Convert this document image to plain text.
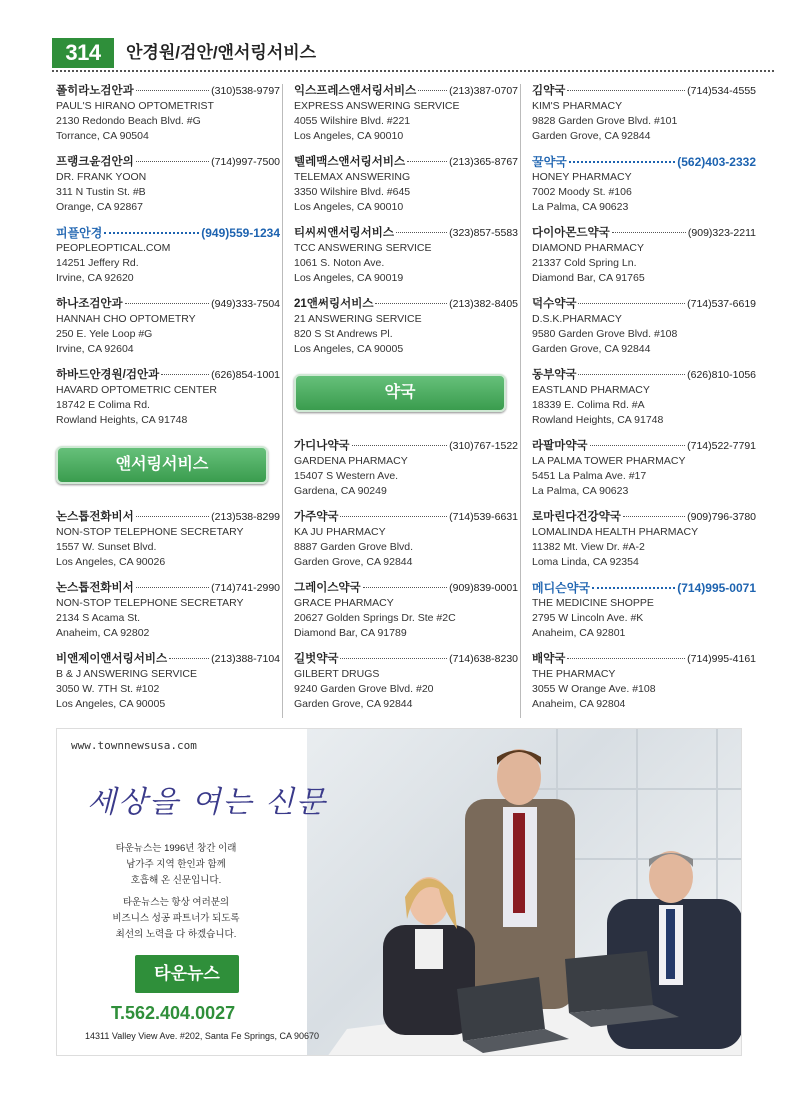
314	안경원/검안/앤서링서비스
폴히라노검안과	(310)538-9797
PAUL'S HIRANO OPTOMETRIST
2130 Redondo Beach Blvd. #G
Torrance, CA 90504
프랭크윤검안의	(714)997-7500
DR. FRANK YOON
311 N Tustin St. #B
Orange, CA 92867
피플안경	(949)559-1234
PEOPLEOPTICAL.COM
14251 Jeffery Rd.
Irvine, CA 92620
하나조검안과	(949)333-7504
HANNAH CHO OPTOMETRY
250 E. Yele Loop #G
Irvine, CA 92604
하바드안경원/검안과	(626)854-1001
HAVARD OPTOMETRIC CENTER
18742 E Colima Rd.
Rowland Heights, CA 91748
앤서링서비스
논스톱전화비서	(213)538-8299
NON-STOP TELEPHONE SECRETARY
1557 W. Sunset Blvd.
Los Angeles, CA 90026
논스톱전화비서	(714)741-2990
NON-STOP TELEPHONE SECRETARY
2134 S Acama St.
Anaheim, CA 92802
비앤제이앤서링서비스	(213)388-7104
B & J ANSWERING SERVICE
3050 W. 7TH St. #102
Los Angeles, CA 90005
익스프레스앤서링서비스	(213)387-0707
EXPRESS ANSWERING SERVICE
4055 Wilshire Blvd. #221
Los Angeles, CA 90010
텔레맥스앤서링서비스	(213)365-8767
TELEMAX ANSWERING
3350 Wilshire Blvd. #645
Los Angeles, CA 90010
티씨씨앤서링서비스	(323)857-5583
TCC ANSWERING SERVICE
1061 S. Noton Ave.
Los Angeles, CA 90019
21앤써링서비스	(213)382-8405
21 ANSWERING SERVICE
820 S St Andrews Pl.
Los Angeles, CA 90005
약국
가디나약국	(310)767-1522
GARDENA PHARMACY
15407 S Western Ave.
Gardena, CA 90249
가주약국	(714)539-6631
KA JU PHARMACY
8887 Garden Grove Blvd.
Garden Grove, CA 92844
그레이스약국	(909)839-0001
GRACE PHARMACY
20627 Golden Springs Dr. Ste #2C
Diamond Bar, CA 91789
길벗약국	(714)638-8230
GILBERT DRUGS
9240 Garden Grove Blvd. #20
Garden Grove, CA 92844
김약국	(714)534-4555
KIM'S PHARMACY
9828 Garden Grove Blvd. #101
Garden Grove, CA 92844
꿀약국	(562)403-2332
HONEY PHARMACY
7002 Moody St. #106
La Palma, CA 90623
다이아몬드약국	(909)323-2211
DIAMOND PHARMACY
21337 Cold Spring Ln.
Diamond Bar, CA 91765
덕수약국	(714)537-6619
D.S.K.PHARMACY
9580 Garden Grove Blvd. #108
Garden Grove, CA 92844
동부약국	(626)810-1056
EASTLAND PHARMACY
18339 E. Colima Rd. #A
Rowland Heights, CA 91748
라팔마약국	(714)522-7791
LA PALMA TOWER PHARMACY
5451 La Palma Ave. #17
La Palma, CA 90623
로마린다건강약국	(909)796-3780
LOMALINDA HEALTH PHARMACY
11382 Mt. View Dr. #A-2
Loma Linda, CA 92354
메디슨약국	(714)995-0071
THE MEDICINE SHOPPE
2795 W Lincoln Ave. #K
Anaheim, CA 92801
배약국	(714)995-4161
THE PHARMACY
3055 W Orange Ave. #108
Anaheim, CA 92804
www.townnewsusa.com
세상을 여는 신문
타운뉴스는 1996년 창간 이래
남가주 지역 한인과 함께
호흡해 온 신문입니다.
타운뉴스는 항상 여러분의
비즈니스 성공 파트너가 되도록
최선의 노력을 다 하겠습니다.
타운뉴스
T.562.404.0027
14311 Valley View Ave. #202, Santa Fe Springs, CA 90670
